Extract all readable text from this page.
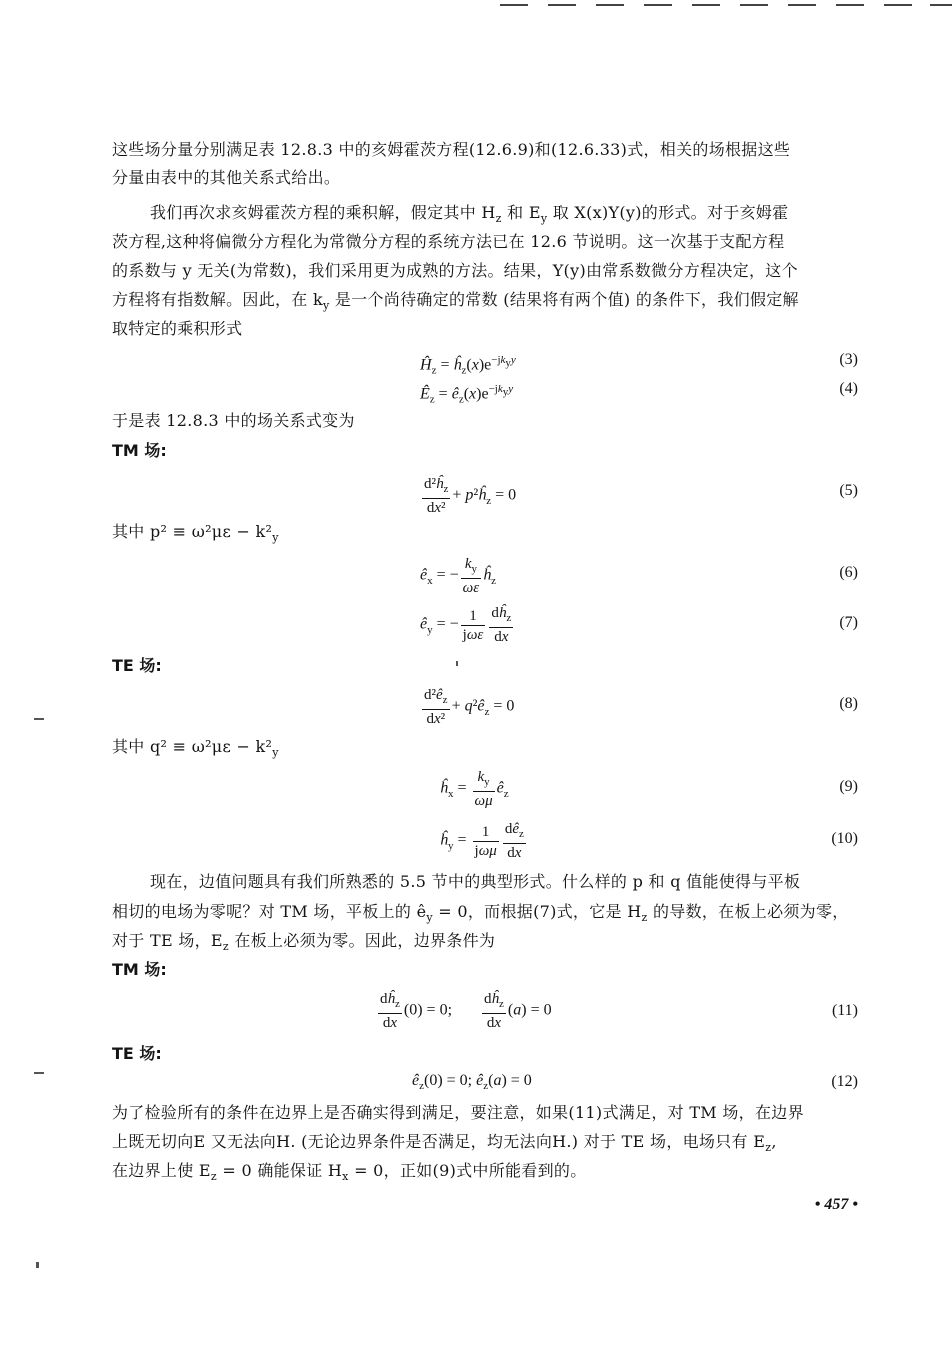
这些场分量分别满足表 12.8.3 中的亥姆霍茨方程(12.6.9)和(12.6.33)式，相关的场根据这些
分量由表中的其他关系式给出。
我们再次求亥姆霍茨方程的乘积解，假定其中 $H_z$ 和 $E_y$ 取 X(x)Y(y)的形式。对于亥姆霍
茨方程,这种将偏微分方程化为常微分方程的系统方法已在 12.6 节说明。这一次基于支配方程
的系数与 y 无关(为常数)，我们采用更为成熟的方法。结果，Y(y)由常系数微分方程决定，这个
方程将有指数解。因此，在 $k_y$ 是一个尚待确定的常数 (结果将有两个值) 的条件下，我们假定解
取特定的乘积形式
$Ĥ_z$ = $ĥ_z(x)e^{-jk_yy}$	(3)
$Ê_z$ = $ê_z(x)e^{-jk_yy}$	(4)
于是表 12.8.3 中的场关系式变为
TM 场:
$\frac{d^2ĥ_z}{\text{dx²}}$ + $p^2ĥ_z = 0$	(5)
其中 $p^2 \equiv \omega^2\mu\varepsilon - k^2_y$
$ê_x$ = − $\frac{k_y}{\omega\varepsilon}$ $ĥ_z$	(6)
$ê_y$ = − $\frac{1}{\text{jωε}} \frac{dĥ_z}{dx}$	(7)
TE 场:
$\frac{d^2ê_z}{\text{dx²}}$ + $q^2ê_z = 0$	(8)
其中 $q^2 \equiv \omega^2\mu\varepsilon - k^2_y$
$ĥ_x = \frac{k_y}{\omega\mu}$ $ê_z$	(9)
$ĥ_y = \frac{1}{\text{jωμ}} \frac{dê_z}{dx}$	(10)
现在，边值问题具有我们所熟悉的 5.5 节中的典型形式。什么样的 p 和 q 值能使得与平板
相切的电场为零呢？对 TM 场，平板上的 $ê_y = 0$，而根据(7)式，它是 $H_z$ 的导数，在板上必须为零，
对于 TE 场，$E_z$ 在板上必须为零。因此，边界条件为
TM 场:
$\frac{dĥ_z}{dx} (0) = 0$; $\frac{dĥ_z}{dx} (a) = 0$	(11)
TE 场:
$ê_z(0) = 0$; $ê_z(a) = 0$	(12)
为了检验所有的条件在边界上是否确实得到满足，要注意，如果(11)式满足，对 TM 场，在边界
上既无切向E 又无法向H. (无论边界条件是否满足，均无法向H.) 对于 TE 场，电场只有 $E_z$,
在边界上使 $E_z = 0$ 确能保证 $H_x = 0$，正如(9)式中所能看到的。
• 457 •
